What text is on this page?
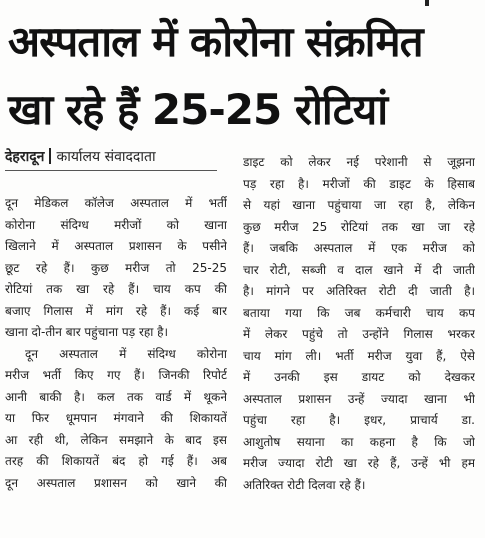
अस्पताल में कोरोना संक्रमित
खा रहे हैं 25-25 रोटियां
देहरादून कार्यालय संवाददाता
दून मेडिकल कॉलेज अस्पताल में भर्ती
कोरोना संदिग्ध मरीजों को खाना
खिलाने में अस्पताल प्रशासन के पसीने
छूट रहे हैं। कुछ मरीज तो 25-25
रोटियां तक खा रहे हैं। चाय कप की
बजाए गिलास में मांग रहे हैं। कई बार
खाना दो-तीन बार पहुंचाना पड़ रहा है।
दून अस्पताल में संदिग्ध कोरोना
मरीज भर्ती किए गए हैं। जिनकी रिपोर्ट
आनी बाकी है। कल तक वार्ड में थूकने
या फिर धूमपान मंगवाने की शिकायतें
आ रही थी, लेकिन समझाने के बाद इस
तरह की शिकायतें बंद हो गई हैं। अब
दून अस्पताल प्रशासन को खाने की
डाइट को लेकर नई परेशानी से जूझना
पड़ रहा है। मरीजों की डाइट के हिसाब
से यहां खाना पहुंचाया जा रहा है, लेकिन
कुछ मरीज 25 रोटियां तक खा जा रहे
हैं। जबकि अस्पताल में एक मरीज को
चार रोटी, सब्जी व दाल खाने में दी जाती
है। मांगने पर अतिरिक्त रोटी दी जाती है।
बताया गया कि जब कर्मचारी चाय कप
में लेकर पहुंचे तो उन्होंने गिलास भरकर
चाय मांग ली। भर्ती मरीज युवा हैं, ऐसे
में उनकी इस डायट को देखकर
अस्पताल प्रशासन उन्हें ज्यादा खाना भी
पहुंचा रहा है। इधर, प्राचार्य डा.
आशुतोष सयाना का कहना है कि जो
मरीज ज्यादा रोटी खा रहे हैं, उन्हें भी हम
अतिरिक्त रोटी दिलवा रहे हैं।
